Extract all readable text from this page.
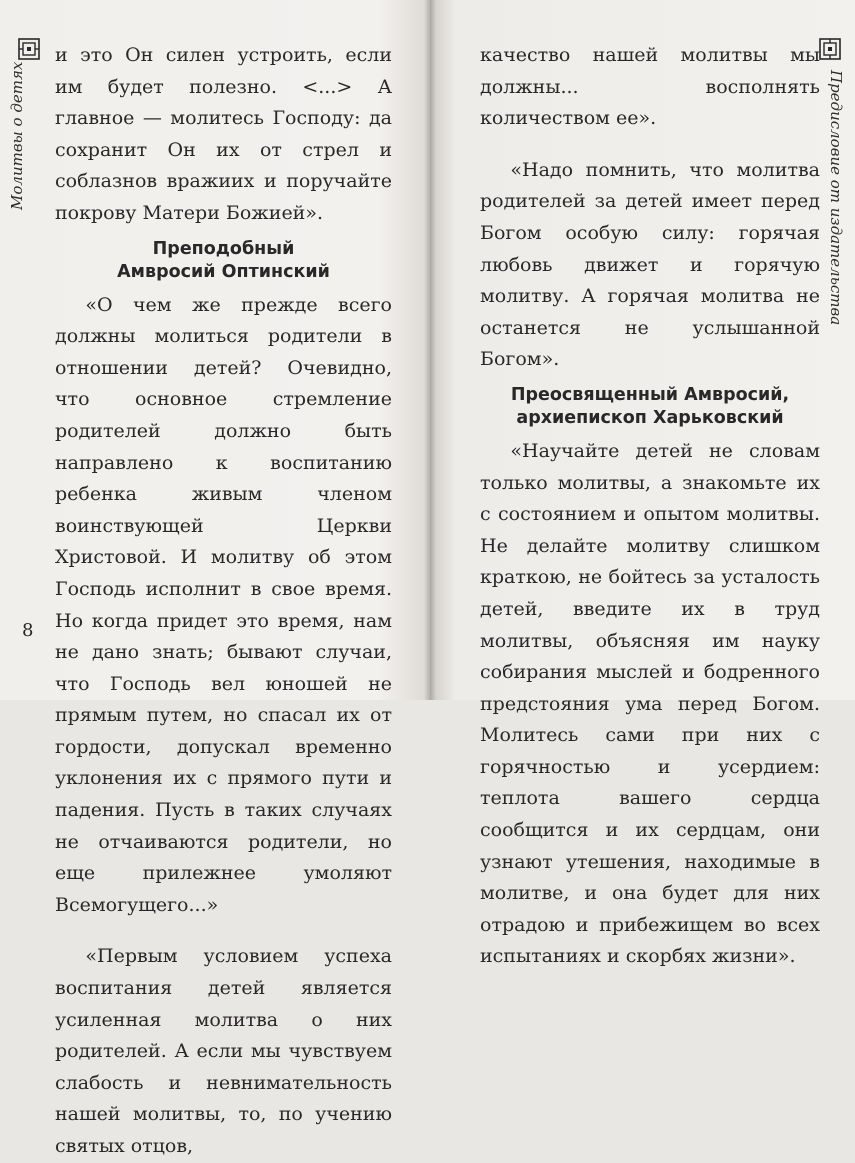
Молитвы о детях

и это Он силен устроить, если им будет полезно. <...> А главное — молитесь Господу: да сохранит Он их от стрел и соблазнов вражиих и поручайте покрову Матери Божией».

Преподобный

Амвросий Оптинский

«О чем же прежде всего должны молиться родители в отношении детей? Очевидно, что основное стремление родителей должно быть направлено к воспитанию ребенка живым членом воинствующей Церкви Христовой. И молитву об этом Господь исполнит в свое время. Но когда придет это время, нам не дано знать; бывают случаи, что Господь вел юношей не прямым путем, но спасал их от гордости, допускал временно уклонения их с прямого пути и падения. Пусть в таких случаях не отчаиваются родители, но еще прилежнее умоляют Всемогущего...»

«Первым условием успеха воспитания детей является усиленная молитва о них родителей. А если мы чувствуем слабость и невнимательность нашей молитвы, то, по учению святых отцов,

8
Предисловие от издательства

качество нашей молитвы мы должны... восполнять количеством ее».

«Надо помнить, что молитва родителей за детей имеет перед Богом особую силу: горячая любовь движет и горячую молитву. А горячая молитва не останется не услышанной Богом».

Преосвященный Амвросий,

архиепископ Харьковский

«Научайте детей не словам только молитвы, а знакомьте их с состоянием и опытом молитвы. Не делайте молитву слишком краткою, не бойтесь за усталость детей, введите их в труд молитвы, объясняя им науку собирания мыслей и бодренного предстояния ума перед Богом. Молитесь сами при них с горячностью и усердием: теплота вашего сердца сообщится и их сердцам, они узнают утешения, находимые в молитве, и она будет для них отрадою и прибежищем во всех испытаниях и скорбях жизни».
